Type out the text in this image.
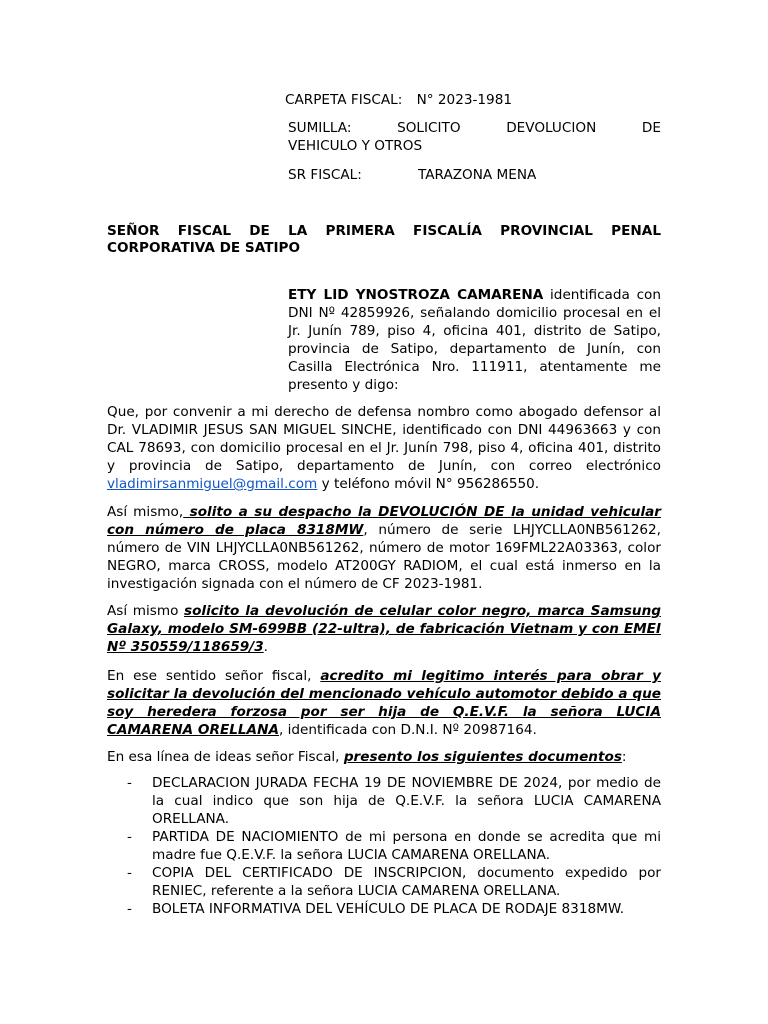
CARPETA FISCAL: N° 2023-1981
SUMILLA: SOLICITO DEVOLUCION DE
VEHICULO Y OTROS
SR FISCAL:	TARAZONA MENA
SEÑOR FISCAL DE LA PRIMERA FISCALÍA PROVINCIAL PENAL
CORPORATIVA DE SATIPO
ETY LID YNOSTROZA CAMARENA identificada con DNI Nº 42859926, señalando domicilio procesal en el Jr. Junín 789, piso 4, oficina 401, distrito de Satipo, provincia de Satipo, departamento de Junín, con Casilla Electrónica Nro. 111911, atentamente me presento y digo:
Que, por convenir a mi derecho de defensa nombro como abogado defensor al Dr. VLADIMIR JESUS SAN MIGUEL SINCHE, identificado con DNI 44963663 y con CAL 78693, con domicilio procesal en el Jr. Junín 798, piso 4, oficina 401, distrito y provincia de Satipo, departamento de Junín, con correo electrónico vladimirsanmiguel@gmail.com y teléfono móvil N° 956286550.
Así mismo, solito a su despacho la DEVOLUCIÓN DE la unidad vehicular con número de placa 8318MW, número de serie LHJYCLLA0NB561262, número de VIN LHJYCLLA0NB561262, número de motor 169FML22A03363, color NEGRO, marca CROSS, modelo AT200GY RADIOM, el cual está inmerso en la investigación signada con el número de CF 2023-1981.
Así mismo solicito la devolución de celular color negro, marca Samsung Galaxy, modelo SM-699BB (22-ultra), de fabricación Vietnam y con EMEI Nº 350559/118659/3.
En ese sentido señor fiscal, acredito mi legitimo interés para obrar y solicitar la devolución del mencionado vehículo automotor debido a que soy heredera forzosa por ser hija de Q.E.V.F. la señora LUCIA CAMARENA ORELLANA, identificada con D.N.I. Nº 20987164.
En esa línea de ideas señor Fiscal, presento los siguientes documentos:
-	DECLARACION JURADA FECHA 19 DE NOVIEMBRE DE 2024, por medio de la cual indico que son hija de Q.E.V.F. la señora LUCIA CAMARENA ORELLANA.
-	PARTIDA DE NACIOMIENTO de mi persona en donde se acredita que mi madre fue Q.E.V.F. la señora LUCIA CAMARENA ORELLANA.
-	COPIA DEL CERTIFICADO DE INSCRIPCION, documento expedido por RENIEC, referente a la señora LUCIA CAMARENA ORELLANA.
-	BOLETA INFORMATIVA DEL VEHÍCULO DE PLACA DE RODAJE 8318MW.
